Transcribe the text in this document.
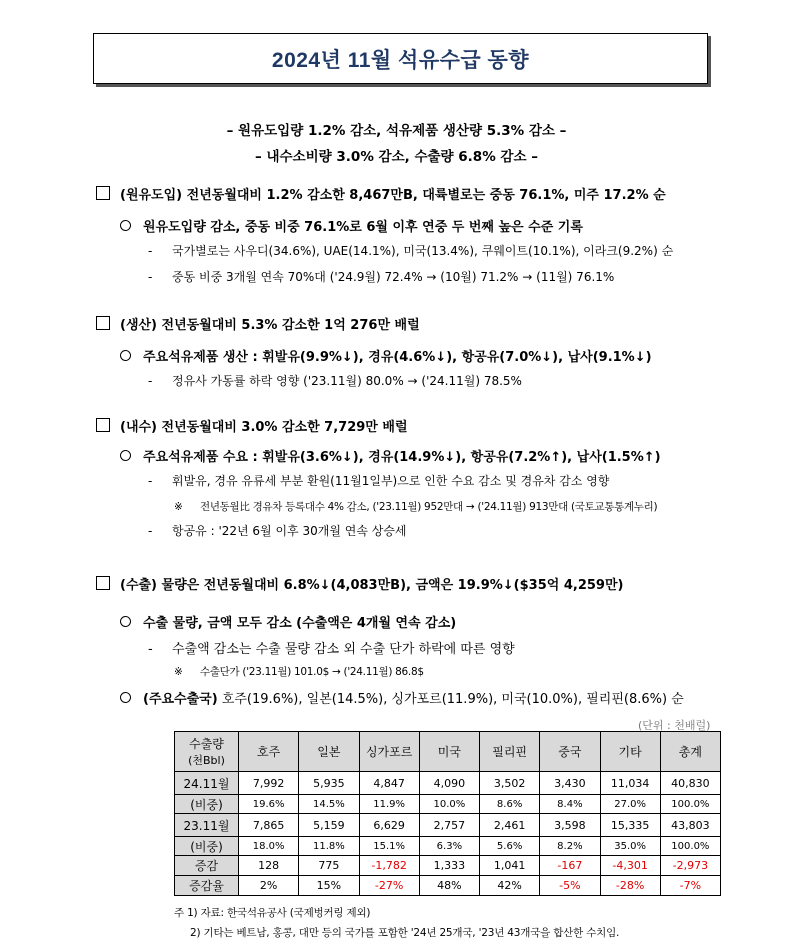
2024년 11월 석유수급 동향
– 원유도입량 1.2% 감소, 석유제품 생산량 5.3% 감소 –
– 내수소비량 3.0% 감소, 수출량 6.8% 감소 –
(원유도입) 전년동월대비 1.2% 감소한 8,467만B, 대륙별로는 중동 76.1%, 미주 17.2% 순
원유도입량 감소, 중동 비중 76.1%로 6월 이후 연중 두 번째 높은 수준 기록
- 국가별로는 사우디(34.6%), UAE(14.1%), 미국(13.4%), 쿠웨이트(10.1%), 이라크(9.2%) 순
- 중동 비중 3개월 연속 70%대 ('24.9월) 72.4% → (10월) 71.2% → (11월) 76.1%
(생산) 전년동월대비 5.3% 감소한 1억 276만 배럴
주요석유제품 생산 : 휘발유(9.9%↓), 경유(4.6%↓), 항공유(7.0%↓), 납사(9.1%↓)
- 정유사 가동률 하락 영향 ('23.11월) 80.0% → ('24.11월) 78.5%
(내수) 전년동월대비 3.0% 감소한 7,729만 배럴
주요석유제품 수요 : 휘발유(3.6%↓), 경유(14.9%↓), 항공유(7.2%↑), 납사(1.5%↑)
- 휘발유, 경유 유류세 부분 환원(11월1일부)으로 인한 수요 감소 및 경유차 감소 영향
※ 전년동월比 경유차 등록대수 4% 감소, ('23.11월) 952만대 → ('24.11월) 913만대 (국토교통통계누리)
- 항공유 : '22년 6월 이후 30개월 연속 상승세
(수출) 물량은 전년동월대비 6.8%↓(4,083만B), 금액은 19.9%↓($35억 4,259만)
수출 물량, 금액 모두 감소 (수출액은 4개월 연속 감소)
- 수출액 감소는 수출 물량 감소 외 수출 단가 하락에 따른 영향
※ 수출단가 ('23.11월) 101.0$ → ('24.11월) 86.8$
(주요수출국) 호주(19.6%), 일본(14.5%), 싱가포르(11.9%), 미국(10.0%), 필리핀(8.6%) 순
(단위 : 천배럴)
수출량
(천Bbl)	호주	일본	싱가포르	미국	필리핀	중국	기타	총계
24.11월	7,992	5,935	4,847	4,090	3,502	3,430	11,034	40,830
(비중)	19.6%	14.5%	11.9%	10.0%	8.6%	8.4%	27.0%	100.0%
23.11월	7,865	5,159	6,629	2,757	2,461	3,598	15,335	43,803
(비중)	18.0%	11.8%	15.1%	6.3%	5.6%	8.2%	35.0%	100.0%
증감	128	775	-1,782	1,333	1,041	-167	-4,301	-2,973
증감율	2%	15%	-27%	48%	42%	-5%	-28%	-7%
주 1) 자료: 한국석유공사 (국제벙커링 제외)
2) 기타는 베트남, 홍콩, 대만 등의 국가를 포함한 '24년 25개국, '23년 43개국을 합산한 수치임.
